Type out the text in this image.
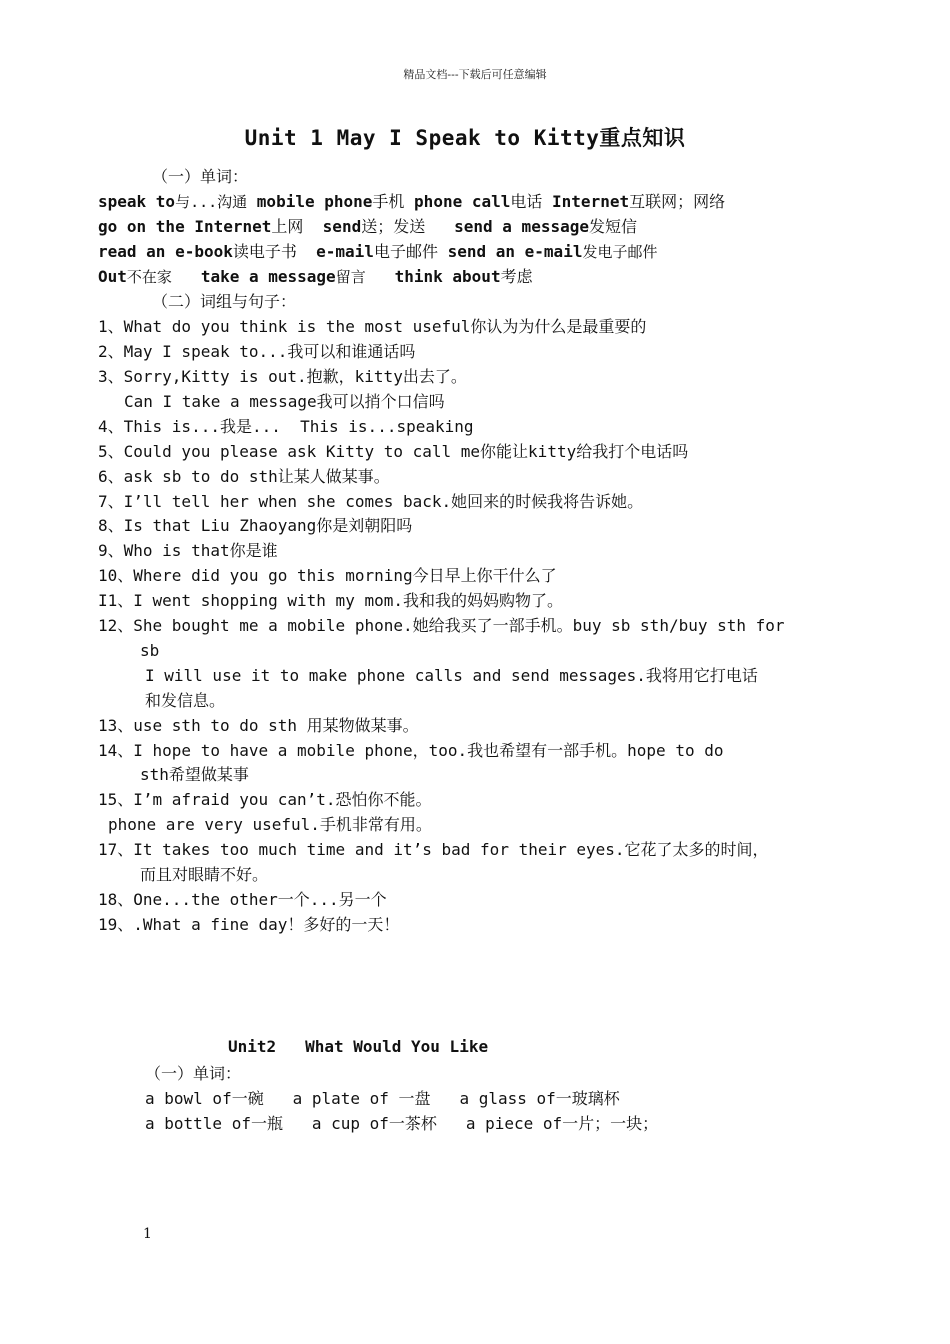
精品文档---下载后可任意编辑
Unit 1 May I Speak to Kitty重点知识
（一）单词：
speak to与...沟通 mobile phone手机 phone call电话 Internet互联网；网络
go on the Internet上网 send送；发送 send a message发短信
read an e-book读电子书 e-mail电子邮件 send an e-mail发电子邮件
Out不在家 take a message留言 think about考虑
（二）词组与句子：
1、What do you think is the most useful你认为为什么是最重要的
2、May I speak to...我可以和谁通话吗
3、Sorry,Kitty is out.抱歉，kitty出去了。
Can I take a message我可以捎个口信吗
4、This is...我是...  This is...speaking
5、Could you please ask Kitty to call me你能让kitty给我打个电话吗
6、ask sb to do sth让某人做某事。
7、I’ll tell her when she comes back.她回来的时候我将告诉她。
8、Is that Liu Zhaoyang你是刘朝阳吗
9、Who is that你是谁
10、Where did you go this morning今日早上你干什么了
I1、I went shopping with my mom.我和我的妈妈购物了。
12、She bought me a mobile phone.她给我买了一部手机。buy sb sth/buy sth for
sb
I will use it to make phone calls and send messages.我将用它打电话
和发信息。
13、use sth to do sth 用某物做某事。
14、I hope to have a mobile phone，too.我也希望有一部手机。hope to do
sth希望做某事
15、I’m afraid you can’t.恐怕你不能。
phone are very useful.手机非常有用。
17、It takes too much time and it’s bad for their eyes.它花了太多的时间，
而且对眼睛不好。
18、One...the other一个...另一个
19、.What a fine day！多好的一天！
Unit2   What Would You Like
（一）单词：
a bowl of一碗   a plate of 一盘   a glass of一玻璃杯
a bottle of一瓶   a cup of一茶杯   a piece of一片；一块；
1
